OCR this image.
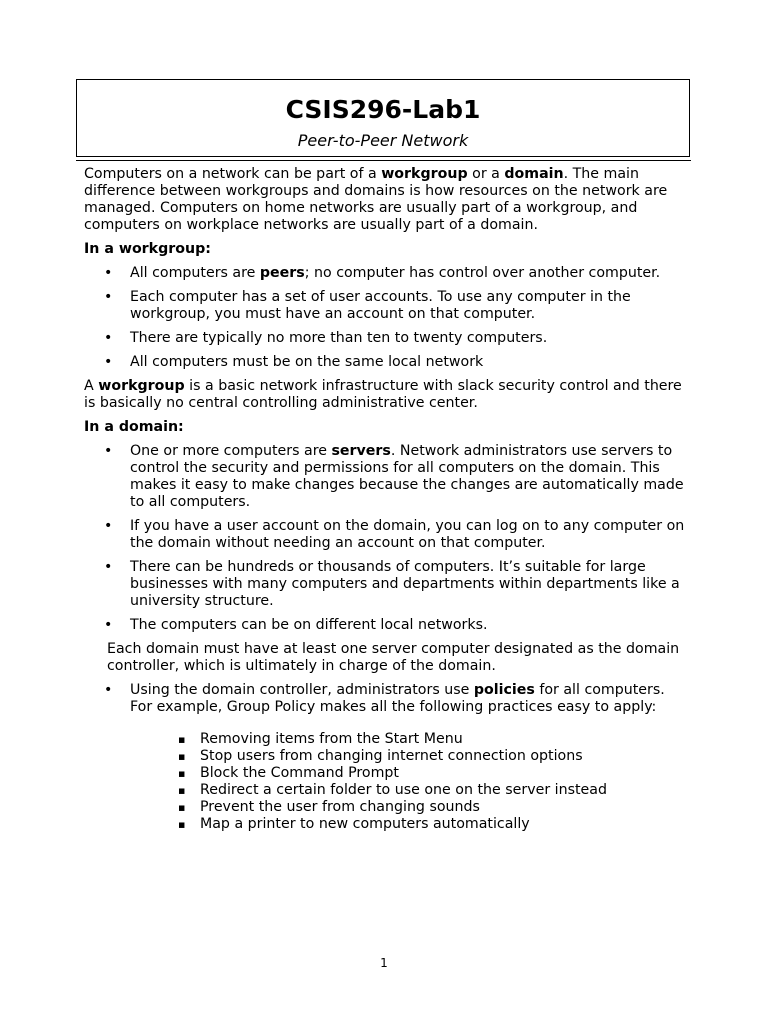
CSIS296-Lab1
Peer-to-Peer Network

Computers on a network can be part of a workgroup or a domain. The main difference between workgroups and domains is how resources on the network are managed. Computers on home networks are usually part of a workgroup, and computers on workplace networks are usually part of a domain.

In a workgroup:

• All computers are peers; no computer has control over another computer.
• Each computer has a set of user accounts. To use any computer in the workgroup, you must have an account on that computer.
• There are typically no more than ten to twenty computers.
• All computers must be on the same local network

A workgroup is a basic network infrastructure with slack security control and there is basically no central controlling administrative center.

In a domain:

• One or more computers are servers. Network administrators use servers to control the security and permissions for all computers on the domain. This makes it easy to make changes because the changes are automatically made to all computers.
• If you have a user account on the domain, you can log on to any computer on the domain without needing an account on that computer.
• There can be hundreds or thousands of computers. It’s suitable for large businesses with many computers and departments within departments like a university structure.
• The computers can be on different local networks.

Each domain must have at least one server computer designated as the domain controller, which is ultimately in charge of the domain.

• Using the domain controller, administrators use policies for all computers. For example, Group Policy makes all the following practices easy to apply:
▪ Removing items from the Start Menu
▪ Stop users from changing internet connection options
▪ Block the Command Prompt
▪ Redirect a certain folder to use one on the server instead
▪ Prevent the user from changing sounds
▪ Map a printer to new computers automatically
1
